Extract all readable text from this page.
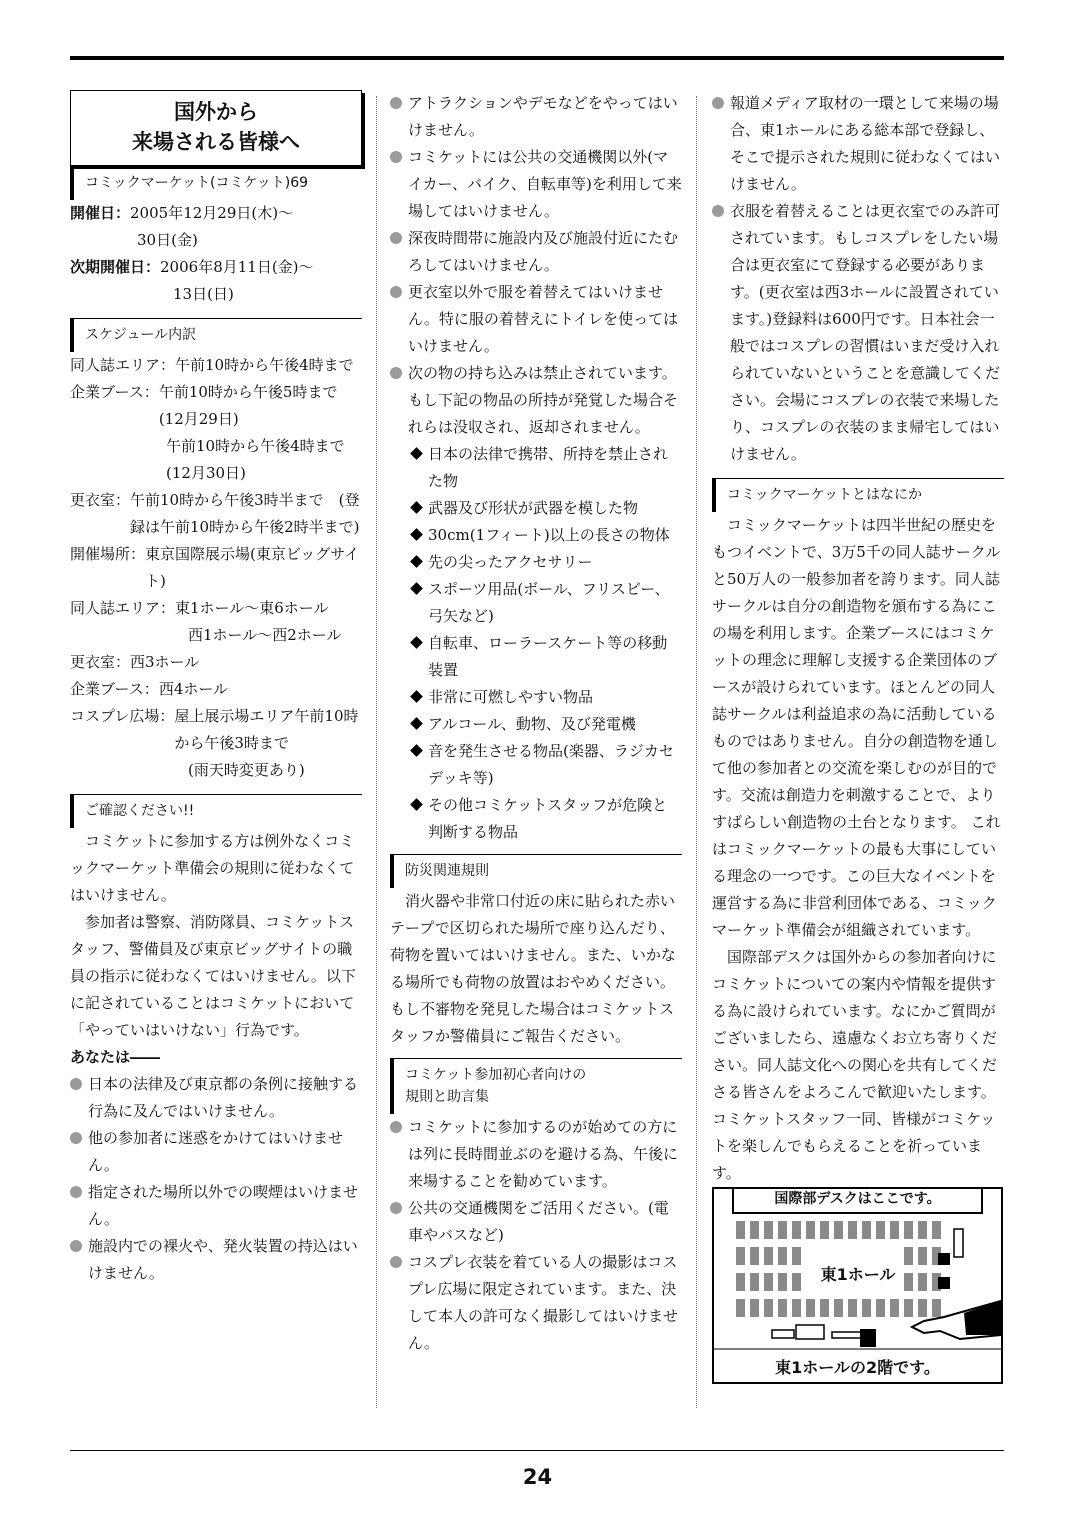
国外から
来場される皆様へ
コミックマーケット(コミケット)69
開催日：2005年12月29日(木)～
30日(金)
次期開催日：2006年8月11日(金)～
13日(日)
スケジュール内訳
同人誌エリア： 午前10時から午後4時まで
企業ブース： 午前10時から午後5時まで(12月29日)
午前10時から午後4時まで(12月30日)
更衣室： 午前10時から午後3時半まで　(登録は午前10時から午後2時半まで)
開催場所： 東京国際展示場(東京ビッグサイト)
同人誌エリア： 東1ホール～東6ホール
西1ホール～西2ホール
更衣室： 西3ホール
企業ブース： 西4ホール
コスプレ広場： 屋上展示場エリア午前10時から午後3時まで
(雨天時変更あり)
ご確認ください!!

コミケットに参加する方は例外なくコミックマーケット準備会の規則に従わなくてはいけません。

参加者は警察、消防隊員、コミケットスタッフ、警備員及び東京ビッグサイトの職員の指示に従わなくてはいけません。以下に記されていることはコミケットにおいて「やっていはいけない」行為です。

あなたは――

日本の法律及び東京都の条例に接触する行為に及んではいけません。
他の参加者に迷惑をかけてはいけません。
指定された場所以外での喫煙はいけません。
施設内での裸火や、発火装置の持込はいけません。
アトラクションやデモなどをやってはいけません。
コミケットには公共の交通機関以外(マイカー、バイク、自転車等)を利用して来場してはいけません。
深夜時間帯に施設内及び施設付近にたむろしてはいけません。
更衣室以外で服を着替えてはいけません。特に服の着替えにトイレを使ってはいけません。
次の物の持ち込みは禁止されています。もし下記の物品の所持が発覚した場合それらは没収され、返却されません。
日本の法律で携帯、所持を禁止された物
武器及び形状が武器を模した物
30cm(1フィート)以上の長さの物体
先の尖ったアクセサリー
スポーツ用品(ボール、フリスビー、弓矢など)
自転車、ローラースケート等の移動装置
非常に可燃しやすい物品
アルコール、動物、及び発電機
音を発生させる物品(楽器、ラジカセデッキ等)
その他コミケットスタッフが危険と判断する物品
防災関連規則

消火器や非常口付近の床に貼られた赤いテープで区切られた場所で座り込んだり、荷物を置いてはいけません。また、いかなる場所でも荷物の放置はおやめください。もし不審物を発見した場合はコミケットスタッフか警備員にご報告ください。

コミケット参加初心者向けの
規則と助言集
コミケットに参加するのが始めての方には列に長時間並ぶのを避ける為、午後に来場することを勧めています。
公共の交通機関をご活用ください。(電車やバスなど)
コスプレ衣装を着ている人の撮影はコスプレ広場に限定されています。また、決して本人の許可なく撮影してはいけません。
報道メディア取材の一環として来場の場合、東1ホールにある総本部で登録し、そこで提示された規則に従わなくてはいけません。
衣服を着替えることは更衣室でのみ許可されています。もしコスプレをしたい場合は更衣室にて登録する必要があります。(更衣室は西3ホールに設置されています。)登録料は600円です。日本社会一般ではコスプレの習慣はいまだ受け入れられていないということを意識してください。会場にコスプレの衣装で来場したり、コスプレの衣装のまま帰宅してはいけません。
コミックマーケットとはなにか

コミックマーケットは四半世紀の歴史をもつイベントで、3万5千の同人誌サークルと50万人の一般参加者を誇ります。同人誌サークルは自分の創造物を頒布する為にこの場を利用します。企業ブースにはコミケットの理念に理解し支援する企業団体のブースが設けられています。ほとんどの同人誌サークルは利益追求の為に活動しているものではありません。自分の創造物を通して他の参加者との交流を楽しむのが目的です。交流は創造力を刺激することで、よりすばらしい創造物の土台となります。 これはコミックマーケットの最も大事にしている理念の一つです。この巨大なイベントを運営する為に非営利団体である、コミックマーケット準備会が組織されています。

国際部デスクは国外からの参加者向けにコミケットについての案内や情報を提供する為に設けられています。なにかご質問がございましたら、遠慮なくお立ち寄りください。同人誌文化への関心を共有してくださる皆さんをよろこんで歓迎いたします。コミケットスタッフ一同、皆様がコミケットを楽しんでもらえることを祈っています。

国際部デスクはここです。
東1ホール
東1ホールの2階です。
24
